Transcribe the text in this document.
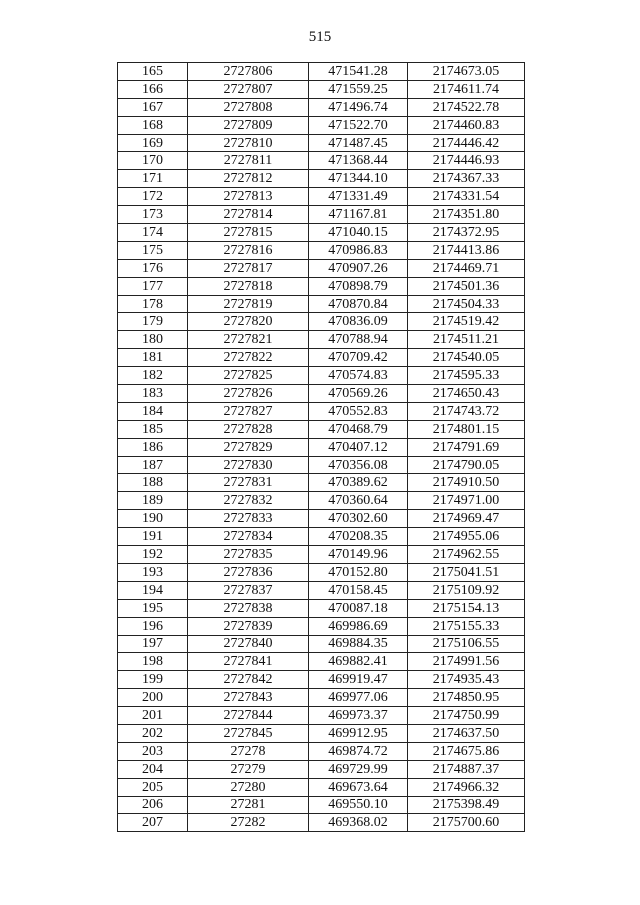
515
165	2727806	471541.28	2174673.05
166	2727807	471559.25	2174611.74
167	2727808	471496.74	2174522.78
168	2727809	471522.70	2174460.83
169	2727810	471487.45	2174446.42
170	2727811	471368.44	2174446.93
171	2727812	471344.10	2174367.33
172	2727813	471331.49	2174331.54
173	2727814	471167.81	2174351.80
174	2727815	471040.15	2174372.95
175	2727816	470986.83	2174413.86
176	2727817	470907.26	2174469.71
177	2727818	470898.79	2174501.36
178	2727819	470870.84	2174504.33
179	2727820	470836.09	2174519.42
180	2727821	470788.94	2174511.21
181	2727822	470709.42	2174540.05
182	2727825	470574.83	2174595.33
183	2727826	470569.26	2174650.43
184	2727827	470552.83	2174743.72
185	2727828	470468.79	2174801.15
186	2727829	470407.12	2174791.69
187	2727830	470356.08	2174790.05
188	2727831	470389.62	2174910.50
189	2727832	470360.64	2174971.00
190	2727833	470302.60	2174969.47
191	2727834	470208.35	2174955.06
192	2727835	470149.96	2174962.55
193	2727836	470152.80	2175041.51
194	2727837	470158.45	2175109.92
195	2727838	470087.18	2175154.13
196	2727839	469986.69	2175155.33
197	2727840	469884.35	2175106.55
198	2727841	469882.41	2174991.56
199	2727842	469919.47	2174935.43
200	2727843	469977.06	2174850.95
201	2727844	469973.37	2174750.99
202	2727845	469912.95	2174637.50
203	27278	469874.72	2174675.86
204	27279	469729.99	2174887.37
205	27280	469673.64	2174966.32
206	27281	469550.10	2175398.49
207	27282	469368.02	2175700.60
